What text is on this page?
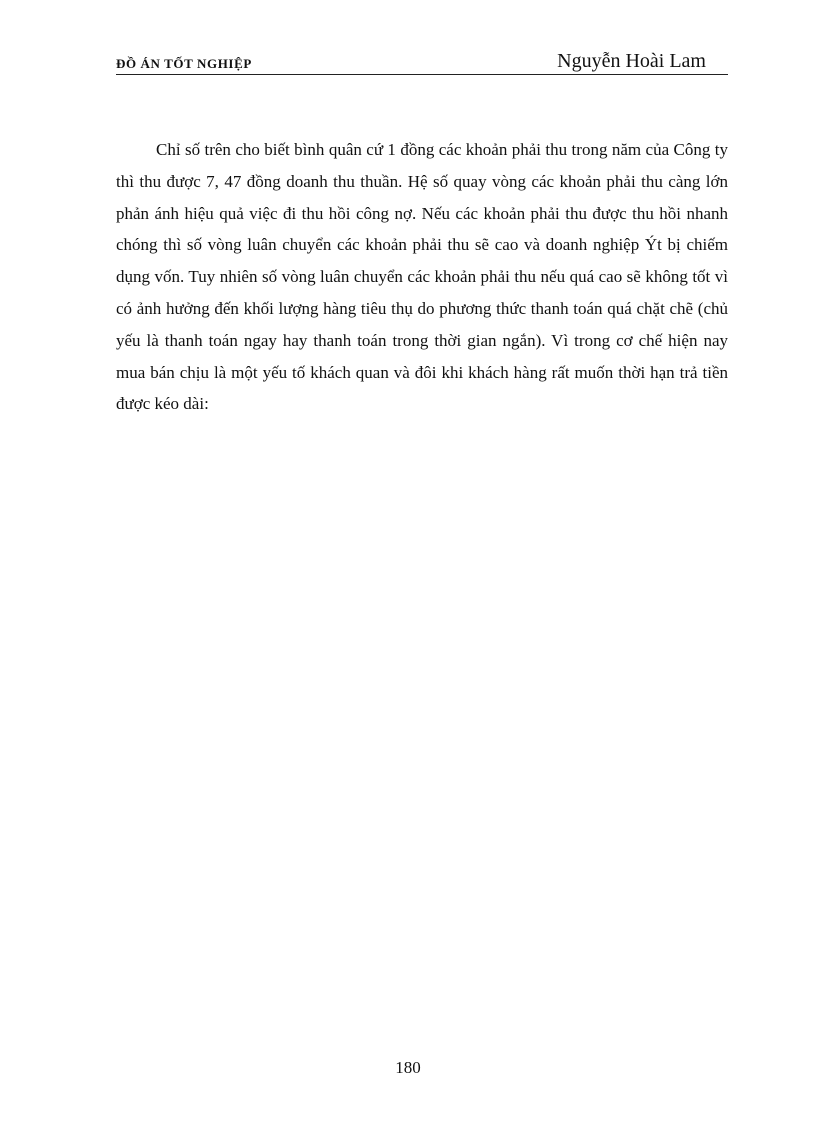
ĐỒ ÁN TỐT NGHIỆP	Nguyễn Hoài Lam

Chỉ số trên cho biết bình quân cứ 1 đồng các khoản phải thu trong năm của Công ty thì thu được 7, 47 đồng doanh thu thuần. Hệ số quay vòng các khoản phải thu càng lớn phản ánh hiệu quả việc đi thu hồi công nợ. Nếu các khoản phải thu được thu hồi nhanh chóng thì số vòng luân chuyển các khoản phải thu sẽ cao và doanh nghiệp Ýt bị chiếm dụng vốn. Tuy nhiên số vòng luân chuyển các khoản phải thu nếu quá cao sẽ không tốt vì có ảnh hưởng đến khối lượng hàng tiêu thụ do phương thức thanh toán quá chặt chẽ (chủ yếu là thanh toán ngay hay thanh toán trong thời gian ngắn). Vì trong cơ chế hiện nay mua bán chịu là một yếu tố khách quan và đôi khi khách hàng rất muốn thời hạn trả tiền được kéo dài:

180
